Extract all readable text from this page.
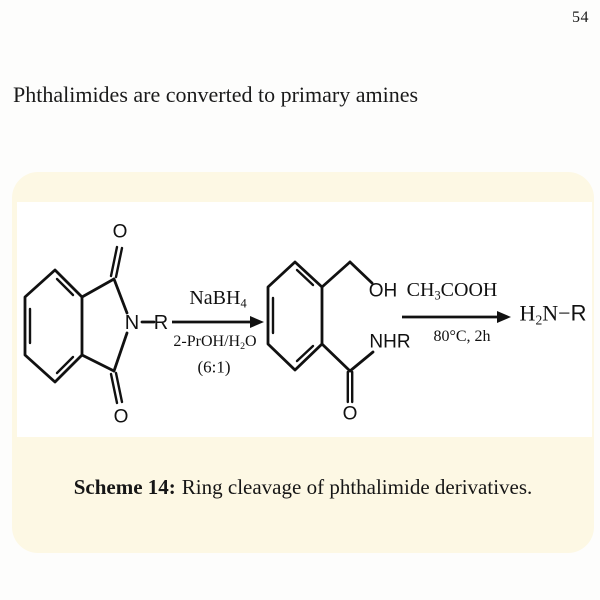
54
Phthalimides are converted to primary amines
O
N R
O
OH
NHR
O
NaBH$_4$
$2-PrOH/H_2O$
(6:1)
$CH_3COOH$
80°C, 2h
$H_2N-R$
Scheme 14: Ring cleavage of phthalimide derivatives.
